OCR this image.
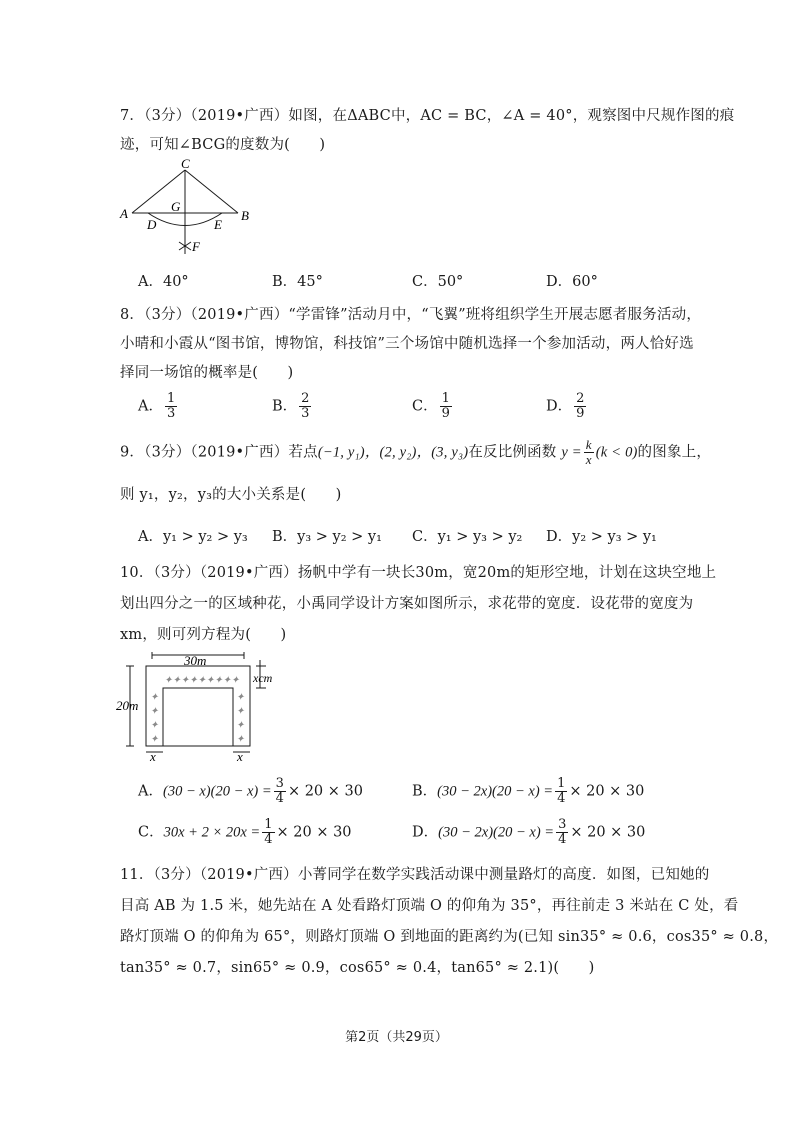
7．（3分）（2019•广西）如图，在ΔABC中，AC = BC，∠A = 40°，观察图中尺规作图的痕
迹，可知∠BCG的度数为(　　)
C
A	B
G
D	E
F
A．40°	B．45°	C．50°	D．60°
8．（3分）（2019•广西）“学雷锋”活动月中，“飞翼”班将组织学生开展志愿者服务活动，
小晴和小霞从“图书馆，博物馆，科技馆”三个场馆中随机选择一个参加活动，两人恰好选
择同一场馆的概率是(　　)
A． $\frac{1}{3}$	B． $\frac{2}{3}$	C． $\frac{1}{9}$	D． $\frac{2}{9}$
9．（3分）（2019•广西）若点(−1, y₁)，(2, y₂)，(3, y₃)在反比例函数 $y = \frac{k}{x} (k < 0)$的图象上，
则 y₁，y₂，y₃的大小关系是(　　)
A．y₁ > y₂ > y₃ B．y₃ > y₂ > y₁ C．y₁ > y₃ > y₂ D．y₂ > y₃ > y₁
10．（3分）（2019•广西）扬帆中学有一块长30m，宽20m的矩形空地，计划在这块空地上
划出四分之一的区域种花，小禹同学设计方案如图所示，求花带的宽度．设花带的宽度为
xm，则可列方程为(　　)
✦✦✦✦✦✦✦✦✦
✦
✦
✦
✦
✦
✦
✦
✦
30m
20m
xcm
x	x
A．$(30 - x)(20 - x) = \frac{3}{4} \times 20 \times 30$	B．$(30 - 2x)(20 - x) = \frac{1}{4} \times 20 \times 30$
C．$30x + 2 \times 20x = \frac{1}{4} \times 20 \times 30$	D．$(30 - 2x)(20 - x) = \frac{3}{4} \times 20 \times 30$
11．（3分）（2019•广西）小菁同学在数学实践活动课中测量路灯的高度．如图，已知她的
目高 AB 为 1.5 米，她先站在 A 处看路灯顶端 O 的仰角为 35°，再往前走 3 米站在 C 处，看
路灯顶端 O 的仰角为 65°，则路灯顶端 O 到地面的距离约为(已知 sin35° ≈ 0.6，cos35° ≈ 0.8，
tan35° ≈ 0.7，sin65° ≈ 0.9，cos65° ≈ 0.4，tan65° ≈ 2.1)(　　)
第2页（共29页）
